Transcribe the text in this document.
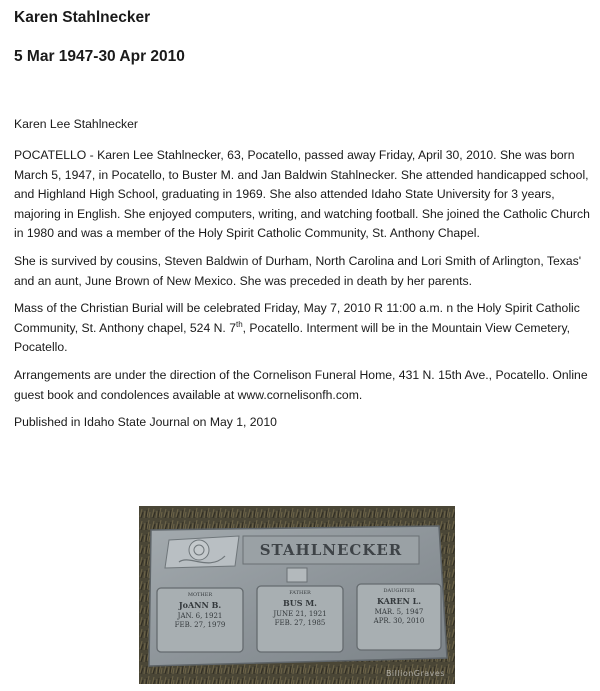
Karen Stahlnecker
5 Mar 1947-30 Apr 2010

Karen Lee Stahlnecker

POCATELLO - Karen Lee Stahlnecker, 63, Pocatello, passed away Friday, April 30, 2010. She was born March 5, 1947, in Pocatello, to Buster M. and Jan Baldwin Stahlnecker. She attended handicapped school, and Highland High School, graduating in 1969. She also attended Idaho State University for 3 years, majoring in English. She enjoyed computers, writing, and watching football. She joined the Catholic Church in 1980 and was a member of the Holy Spirit Catholic Community, St. Anthony Chapel.

She is survived by cousins, Steven Baldwin of Durham, North Carolina and Lori Smith of Arlington, Texas' and an aunt, June Brown of New Mexico. She was preceded in death by her parents.

Mass of the Christian Burial will be celebrated Friday, May 7, 2010 R 11:00 a.m. n the Holy Spirit Catholic Community, St. Anthony chapel, 524 N. 7th, Pocatello. Interment will be in the Mountain View Cemetery, Pocatello.

Arrangements are under the direction of the Cornelison Funeral Home, 431 N. 15th Ave., Pocatello. Online guest book and condolences available at www.cornelisonfh.com.

Published in Idaho State Journal on May 1, 2010

STAHLNECKER
MOTHER
JoANN B.
JAN. 6, 1921
FEB. 27, 1979
FATHER
BUS M.
JUNE 21, 1921
FEB. 27, 1985
DAUGHTER
KAREN L.
MAR. 5, 1947
APR. 30, 2010
BillionGraves
